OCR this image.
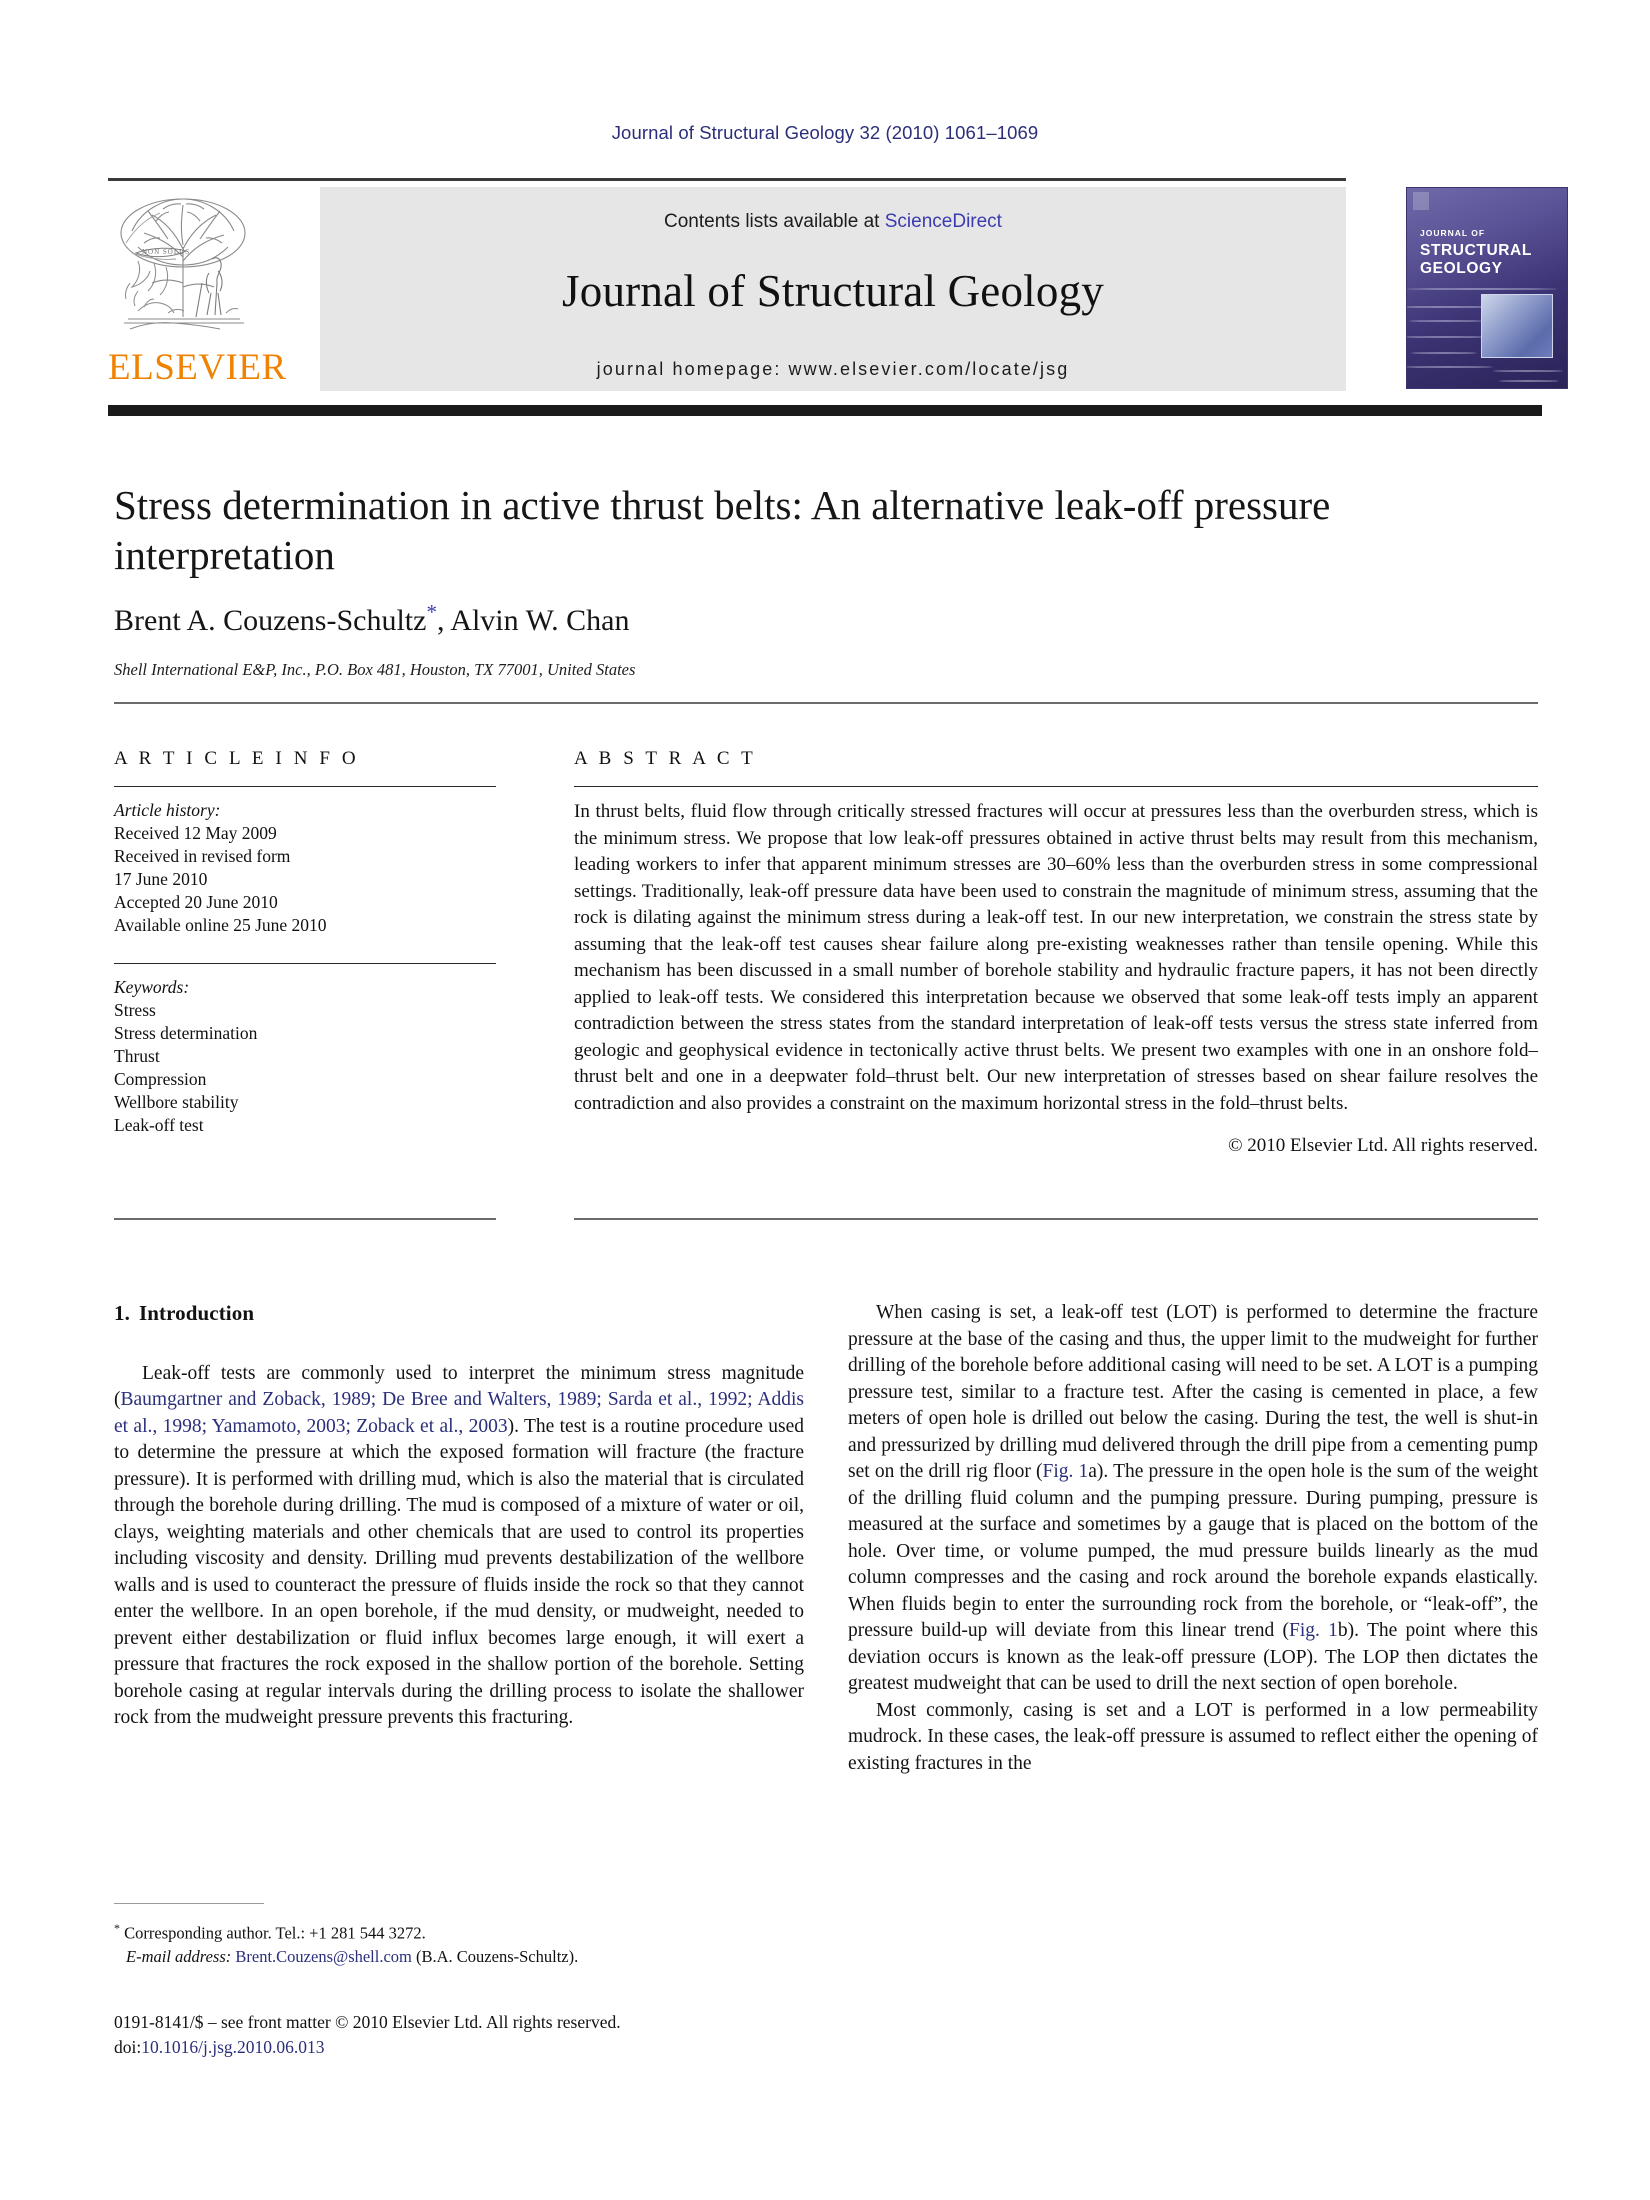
Journal of Structural Geology 32 (2010) 1061–1069
NON SOLUS
ELSEVIER
Contents lists available at ScienceDirect
Journal of Structural Geology
journal homepage: www.elsevier.com/locate/jsg
JOURNAL OF
STRUCTURAL
GEOLOGY
Stress determination in active thrust belts: An alternative leak-off pressure interpretation
Brent A. Couzens-Schultz*, Alvin W. Chan
Shell International E&P, Inc., P.O. Box 481, Houston, TX 77001, United States
A R T I C L E I N F O
Article history:
Received 12 May 2009
Received in revised form
17 June 2010
Accepted 20 June 2010
Available online 25 June 2010
Keywords:
Stress
Stress determination
Thrust
Compression
Wellbore stability
Leak-off test
A B S T R A C T

In thrust belts, fluid flow through critically stressed fractures will occur at pressures less than the overburden stress, which is the minimum stress. We propose that low leak-off pressures obtained in active thrust belts may result from this mechanism, leading workers to infer that apparent minimum stresses are 30–60% less than the overburden stress in some compressional settings. Traditionally, leak-off pressure data have been used to constrain the magnitude of minimum stress, assuming that the rock is dilating against the minimum stress during a leak-off test. In our new interpretation, we constrain the stress state by assuming that the leak-off test causes shear failure along pre-existing weaknesses rather than tensile opening. While this mechanism has been discussed in a small number of borehole stability and hydraulic fracture papers, it has not been directly applied to leak-off tests. We considered this interpretation because we observed that some leak-off tests imply an apparent contradiction between the stress states from the standard interpretation of leak-off tests versus the stress state inferred from geologic and geophysical evidence in tectonically active thrust belts. We present two examples with one in an onshore fold–thrust belt and one in a deepwater fold–thrust belt. Our new interpretation of stresses based on shear failure resolves the contradiction and also provides a constraint on the maximum horizontal stress in the fold–thrust belts.

© 2010 Elsevier Ltd. All rights reserved.
1. Introduction

Leak-off tests are commonly used to interpret the minimum stress magnitude (Baumgartner and Zoback, 1989; De Bree and Walters, 1989; Sarda et al., 1992; Addis et al., 1998; Yamamoto, 2003; Zoback et al., 2003). The test is a routine procedure used to determine the pressure at which the exposed formation will fracture (the fracture pressure). It is performed with drilling mud, which is also the material that is circulated through the borehole during drilling. The mud is composed of a mixture of water or oil, clays, weighting materials and other chemicals that are used to control its properties including viscosity and density. Drilling mud prevents destabilization of the wellbore walls and is used to counteract the pressure of fluids inside the rock so that they cannot enter the wellbore. In an open borehole, if the mud density, or mudweight, needed to prevent either destabilization or fluid influx becomes large enough, it will exert a pressure that fractures the rock exposed in the shallow portion of the borehole. Setting borehole casing at regular intervals during the drilling process to isolate the shallower rock from the mudweight pressure prevents this fracturing.

When casing is set, a leak-off test (LOT) is performed to determine the fracture pressure at the base of the casing and thus, the upper limit to the mudweight for further drilling of the borehole before additional casing will need to be set. A LOT is a pumping pressure test, similar to a fracture test. After the casing is cemented in place, a few meters of open hole is drilled out below the casing. During the test, the well is shut-in and pressurized by drilling mud delivered through the drill pipe from a cementing pump set on the drill rig floor (Fig. 1a). The pressure in the open hole is the sum of the weight of the drilling fluid column and the pumping pressure. During pumping, pressure is measured at the surface and sometimes by a gauge that is placed on the bottom of the hole. Over time, or volume pumped, the mud pressure builds linearly as the mud column compresses and the casing and rock around the borehole expands elastically. When fluids begin to enter the surrounding rock from the borehole, or “leak-off”, the pressure build-up will deviate from this linear trend (Fig. 1b). The point where this deviation occurs is known as the leak-off pressure (LOP). The LOP then dictates the greatest mudweight that can be used to drill the next section of open borehole.

Most commonly, casing is set and a LOT is performed in a low permeability mudrock. In these cases, the leak-off pressure is assumed to reflect either the opening of existing fractures in the

* Corresponding author. Tel.: +1 281 544 3272.
E-mail address: Brent.Couzens@shell.com (B.A. Couzens-Schultz).
0191-8141/$ – see front matter © 2010 Elsevier Ltd. All rights reserved.
doi:10.1016/j.jsg.2010.06.013
